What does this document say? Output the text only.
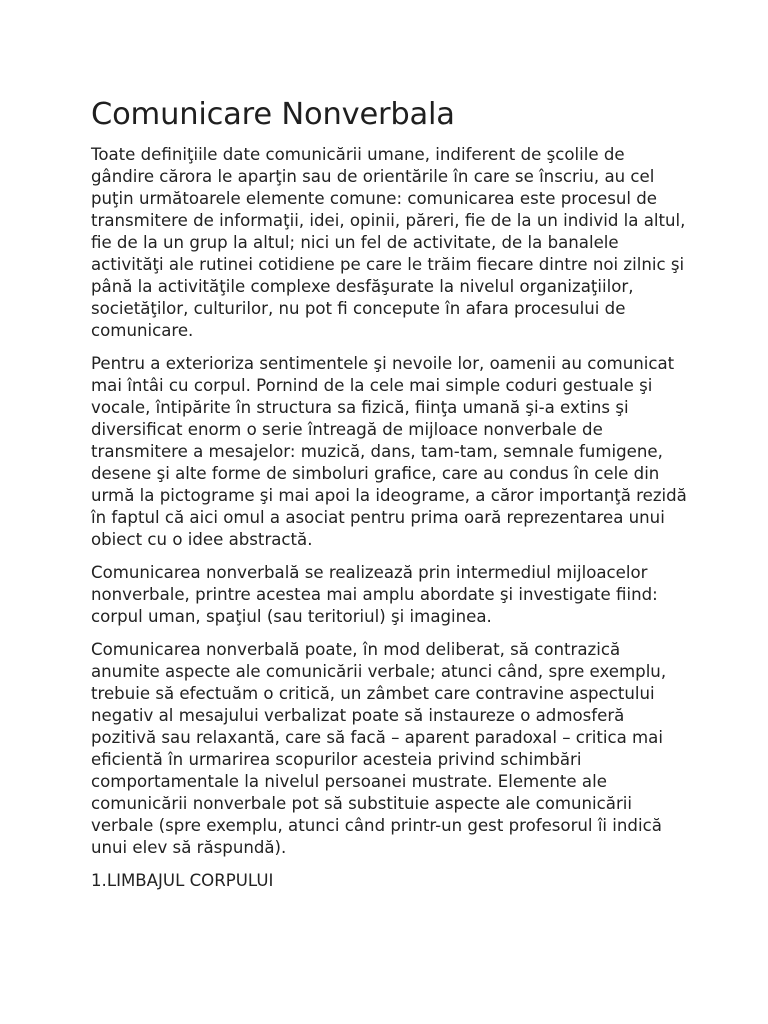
Comunicare Nonverbala

Toate definiţiile date comunicării umane, indiferent de şcolile de gândire cărora le aparţin sau de orientările în care se înscriu, au cel puţin următoarele elemente comune: comunicarea este procesul de transmitere de informaţii, idei, opinii, păreri, fie de la un individ la altul, fie de la un grup la altul; nici un fel de activitate, de la banalele activităţi ale rutinei cotidiene pe care le trăim fiecare dintre noi zilnic şi până la activităţile complexe desfăşurate la nivelul organizaţiilor, societăţilor, culturilor, nu pot fi concepute în afara procesului de comunicare.

Pentru a exterioriza sentimentele şi nevoile lor, oamenii au comunicat mai întâi cu corpul. Pornind de la cele mai simple coduri gestuale şi vocale, întipărite în structura sa fizică, fiinţa umană şi-a extins şi diversificat enorm o serie întreagă de mijloace nonverbale de transmitere a mesajelor: muzică, dans, tam-tam, semnale fumigene, desene şi alte forme de simboluri grafice, care au condus în cele din urmă la pictograme şi mai apoi la ideograme, a căror importanţă rezidă în faptul că aici omul a asociat pentru prima oară reprezentarea unui obiect cu o idee abstractă.

Comunicarea nonverbală se realizează prin intermediul mijloacelor nonverbale, printre acestea mai amplu abordate şi investigate fiind: corpul uman, spaţiul (sau teritoriul) şi imaginea.

Comunicarea nonverbală poate, în mod deliberat, să contrazică anumite aspecte ale comunicării verbale; atunci când, spre exemplu, trebuie să efectuăm o critică, un zâmbet care contravine aspectului negativ al mesajului verbalizat poate să instaureze o admosferă pozitivă sau relaxantă, care să facă – aparent paradoxal – critica mai eficientă în urmarirea scopurilor acesteia privind schimbări comportamentale la nivelul persoanei mustrate. Elemente ale comunicării nonverbale pot să substituie aspecte ale comunicării verbale (spre exemplu, atunci când printr-un gest profesorul îi indică unui elev să răspundă).

1.LIMBAJUL CORPULUI
